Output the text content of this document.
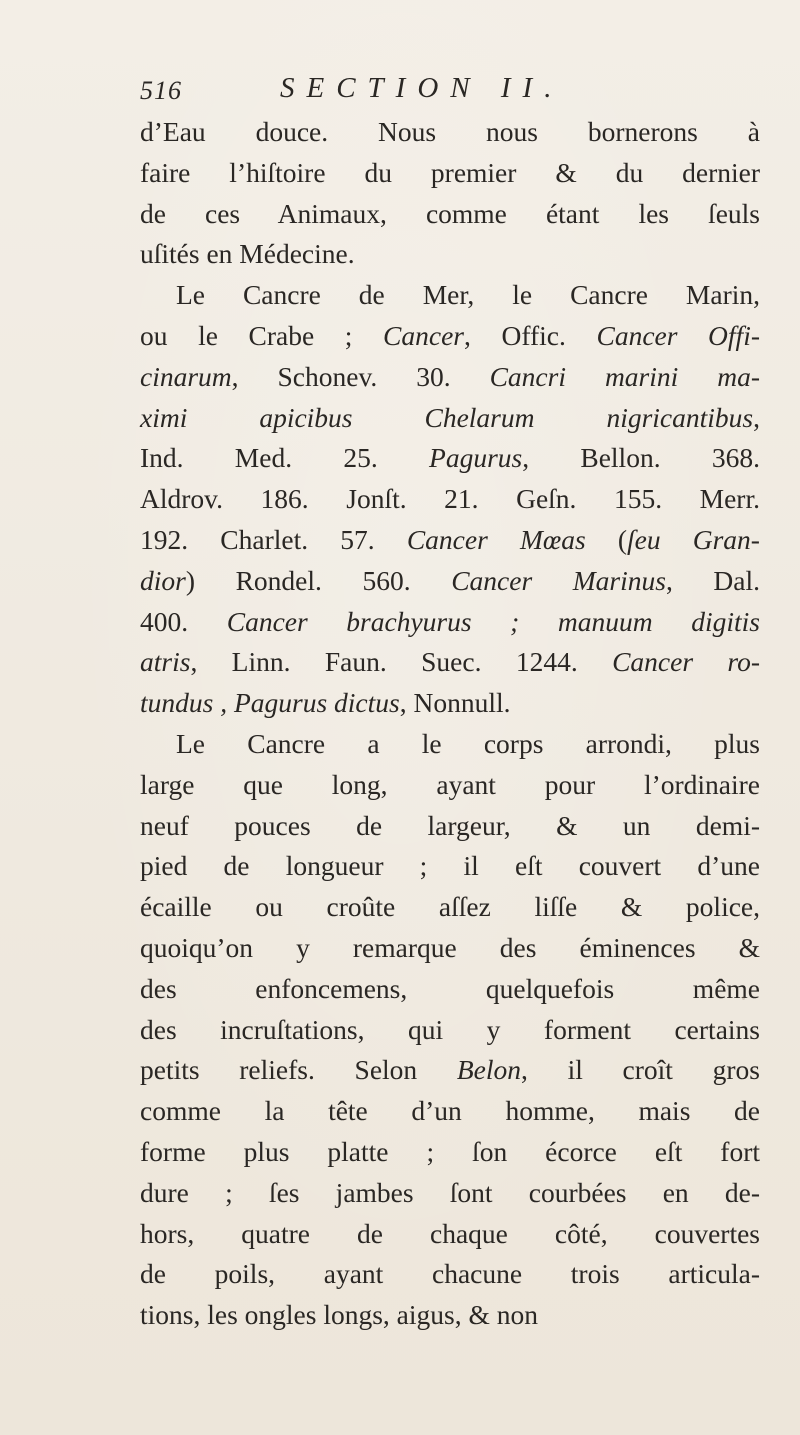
516	SECTION II.
d’Eau douce. Nous nous bornerons à
faire l’hiſtoire du premier & du dernier
de ces Animaux, comme étant les ſeuls
uſités en Médecine.
Le Cancre de Mer, le Cancre Marin,
ou le Crabe ; Cancer, Offic. Cancer Offi-
cinarum, Schonev. 30. Cancri marini ma-
ximi apicibus Chelarum nigricantibus,
Ind. Med. 25. Pagurus, Bellon. 368.
Aldrov. 186. Jonſt. 21. Geſn. 155. Merr.
192. Charlet. 57. Cancer Mœas (ſeu Gran-
dior) Rondel. 560. Cancer Marinus, Dal.
400. Cancer brachyurus ; manuum digitis
atris, Linn. Faun. Suec. 1244. Cancer ro-
tundus , Pagurus dictus, Nonnull.
Le Cancre a le corps arrondi, plus
large que long, ayant pour l’ordinaire
neuf pouces de largeur, & un demi-
pied de longueur ; il eſt couvert d’une
écaille ou croûte aſſez liſſe & police,
quoiqu’on y remarque des éminences &
des enfoncemens, quelquefois même
des incruſtations, qui y forment certains
petits reliefs. Selon Belon, il croît gros
comme la tête d’un homme, mais de
forme plus platte ; ſon écorce eſt fort
dure ; ſes jambes ſont courbées en de-
hors, quatre de chaque côté, couvertes
de poils, ayant chacune trois articula-
tions, les ongles longs, aigus, & non
